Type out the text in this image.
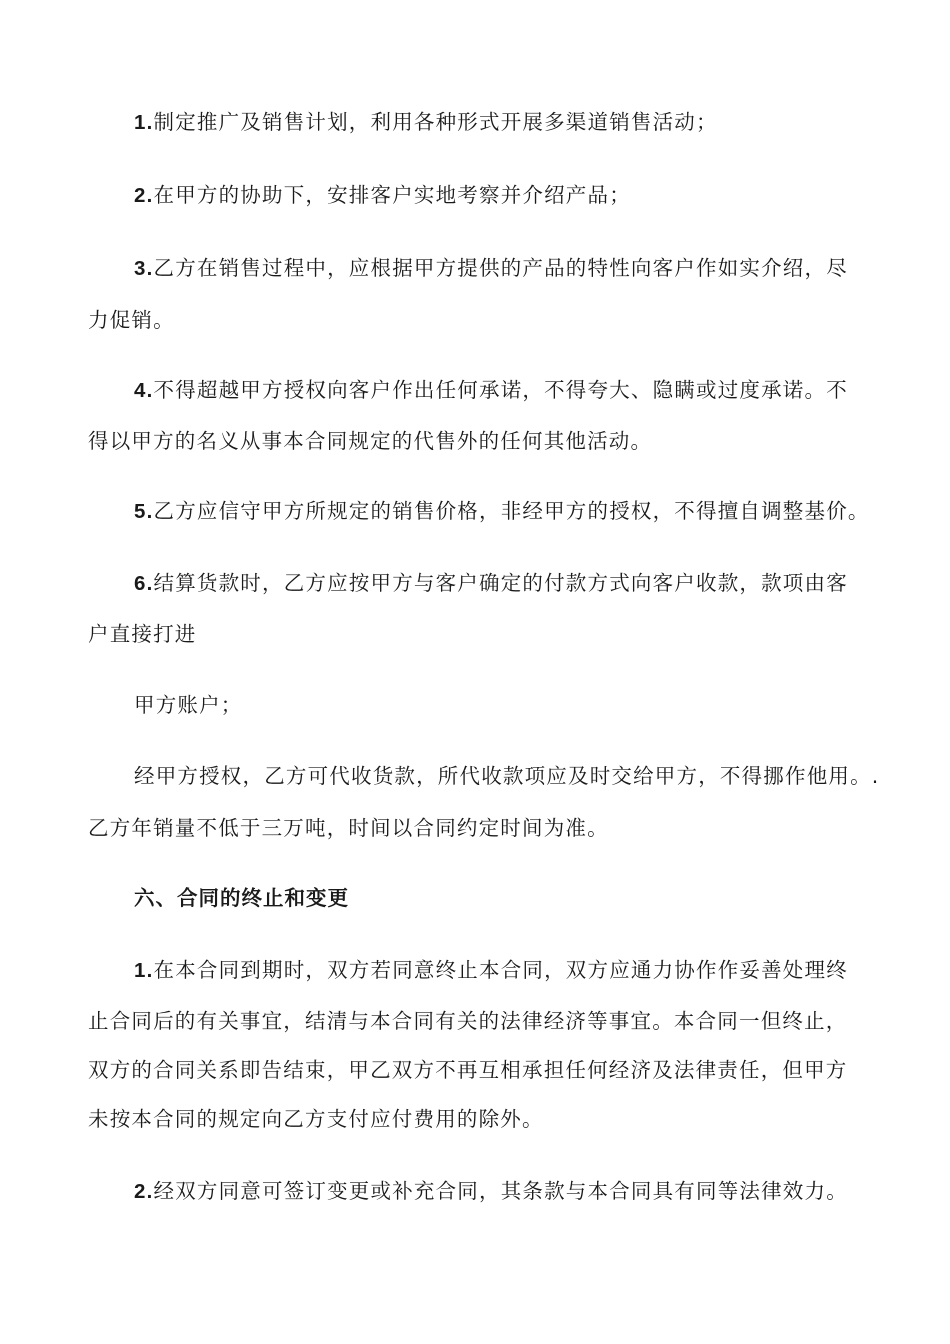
1.制定推广及销售计划，利用各种形式开展多渠道销售活动；
2.在甲方的协助下，安排客户实地考察并介绍产品；
3.乙方在销售过程中，应根据甲方提供的产品的特性向客户作如实介绍，尽
力促销。
4.不得超越甲方授权向客户作出任何承诺，不得夸大、隐瞒或过度承诺。不
得以甲方的名义从事本合同规定的代售外的任何其他活动。
5.乙方应信守甲方所规定的销售价格，非经甲方的授权，不得擅自调整基价。
6.结算货款时，乙方应按甲方与客户确定的付款方式向客户收款，款项由客
户直接打进
甲方账户；
经甲方授权，乙方可代收货款，所代收款项应及时交给甲方，不得挪作他用。.
乙方年销量不低于三万吨，时间以合同约定时间为准。
六、合同的终止和变更
1.在本合同到期时，双方若同意终止本合同，双方应通力协作作妥善处理终
止合同后的有关事宜，结清与本合同有关的法律经济等事宜。本合同一但终止，
双方的合同关系即告结束，甲乙双方不再互相承担任何经济及法律责任，但甲方
未按本合同的规定向乙方支付应付费用的除外。
2.经双方同意可签订变更或补充合同，其条款与本合同具有同等法律效力。
